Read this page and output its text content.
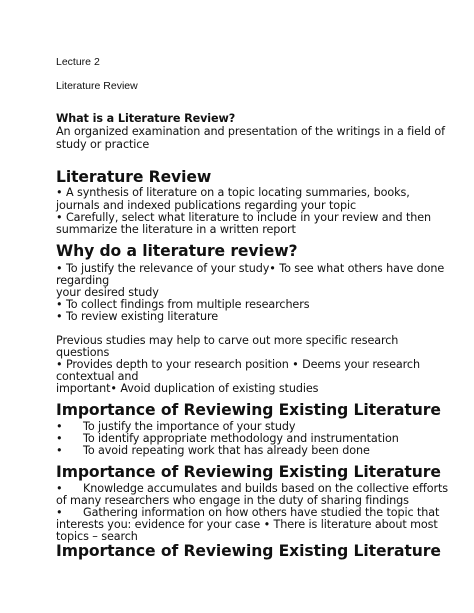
Lecture 2
Literature Review
What is a Literature Review?
An organized examination and presentation of the writings in a field of
study or practice
Literature Review
• A synthesis of literature on a topic locating summaries, books,
journals and indexed publications regarding your topic
• Carefully, select what literature to include in your review and then
summarize the literature in a written report
Why do a literature review?
• To justify the relevance of your study• To see what others have done
regarding
your desired study
• To collect findings from multiple researchers
• To review existing literature
Previous studies may help to carve out more specific research
questions
• Provides depth to your research position • Deems your research
contextual and
important• Avoid duplication of existing studies
Importance of Reviewing Existing Literature
• To justify the importance of your study
• To identify appropriate methodology and instrumentation
• To avoid repeating work that has already been done
Importance of Reviewing Existing Literature
• Knowledge accumulates and builds based on the collective efforts
of many researchers who engage in the duty of sharing findings
• Gathering information on how others have studied the topic that
interests you: evidence for your case • There is literature about most
topics – search
Importance of Reviewing Existing Literature
